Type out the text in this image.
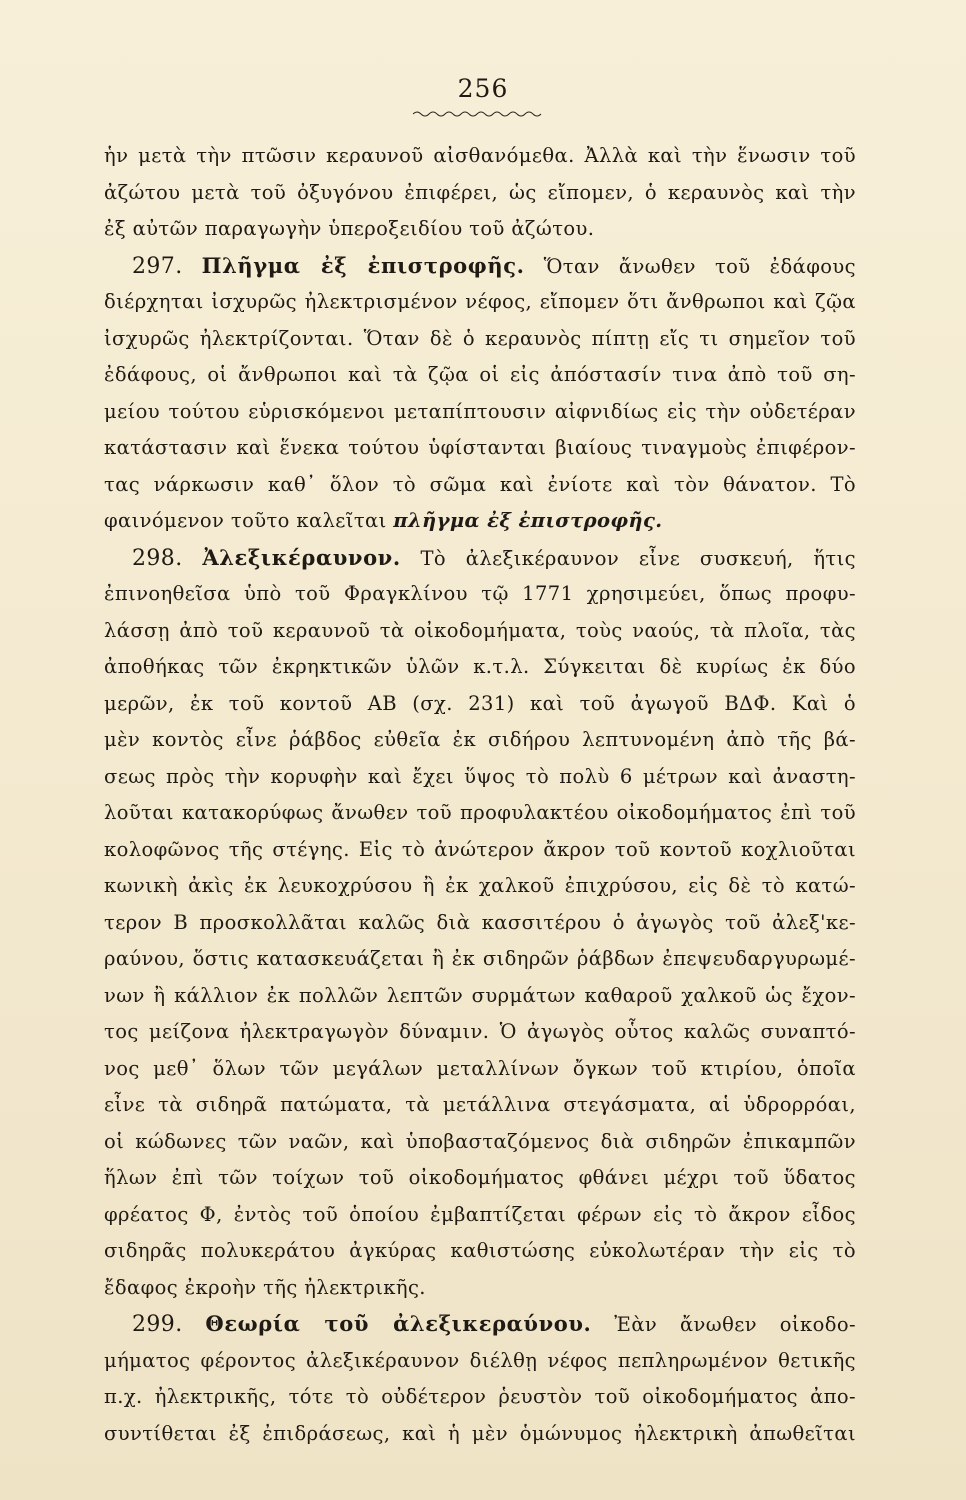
256
ἡν μετὰ τὴν πτῶσιν κεραυνοῦ αἰσθανόμεθα. Ἀλλὰ καὶ τὴν ἕνωσιν τοῦ
ἀζώτου μετὰ τοῦ ὀξυγόνου ἐπιφέρει, ὡς εἴπομεν, ὁ κεραυνὸς καὶ τὴν
ἐξ αὐτῶν παραγωγὴν ὑπεροξειδίου τοῦ ἀζώτου.
297. Πλῆγμα ἐξ ἐπιστροφῆς. Ὅταν ἄνωθεν τοῦ ἐδάφους
διέρχηται ἰσχυρῶς ἠλεκτρισμένον νέφος, εἴπομεν ὅτι ἄνθρωποι καὶ ζῷα
ἰσχυρῶς ἠλεκτρίζονται. Ὅταν δὲ ὁ κεραυνὸς πίπτῃ εἴς τι σημεῖον τοῦ
ἐδάφους, οἱ ἄνθρωποι καὶ τὰ ζῷα οἱ εἰς ἀπόστασίν τινα ἀπὸ τοῦ ση-
μείου τούτου εὑρισκόμενοι μεταπίπτουσιν αἰφνιδίως εἰς τὴν οὐδετέραν
κατάστασιν καὶ ἕνεκα τούτου ὑφίστανται βιαίους τιναγμοὺς ἐπιφέρον-
τας νάρκωσιν καθ᾽ ὅλον τὸ σῶμα καὶ ἐνίοτε καὶ τὸν θάνατον. Τὸ
φαινόμενον τοῦτο καλεῖται πλῆγμα ἐξ ἐπιστροφῆς.
298. Ἀλεξικέραυνον. Τὸ ἀλεξικέραυνον εἶνε συσκευή, ἥτις
ἐπινοηθεῖσα ὑπὸ τοῦ Φραγκλίνου τῷ 1771 χρησιμεύει, ὅπως προφυ-
λάσσῃ ἀπὸ τοῦ κεραυνοῦ τὰ οἰκοδομήματα, τοὺς ναούς, τὰ πλοῖα, τὰς
ἀποθήκας τῶν ἐκρηκτικῶν ὑλῶν κ.τ.λ. Σύγκειται δὲ κυρίως ἐκ δύο
μερῶν, ἐκ τοῦ κοντοῦ ΑΒ (σχ. 231) καὶ τοῦ ἀγωγοῦ ΒΔΦ. Καὶ ὁ
μὲν κοντὸς εἶνε ῥάβδος εὐθεῖα ἐκ σιδήρου λεπτυνομένη ἀπὸ τῆς βά-
σεως πρὸς τὴν κορυφὴν καὶ ἔχει ὕψος τὸ πολὺ 6 μέτρων καὶ ἀναστη-
λοῦται κατακορύφως ἄνωθεν τοῦ προφυλακτέου οἰκοδομήματος ἐπὶ τοῦ
κολοφῶνος τῆς στέγης. Εἰς τὸ ἀνώτερον ἄκρον τοῦ κοντοῦ κοχλιοῦται
κωνικὴ ἀκὶς ἐκ λευκοχρύσου ἢ ἐκ χαλκοῦ ἐπιχρύσου, εἰς δὲ τὸ κατώ-
τερον Β προσκολλᾶται καλῶς διὰ κασσιτέρου ὁ ἀγωγὸς τοῦ ἀλεξ'κε-
ραύνου, ὅστις κατασκευάζεται ἢ ἐκ σιδηρῶν ῥάβδων ἐπεψευδαργυρωμέ-
νων ἢ κάλλιον ἐκ πολλῶν λεπτῶν συρμάτων καθαροῦ χαλκοῦ ὡς ἔχον-
τος μείζονα ἠλεκτραγωγὸν δύναμιν. Ὁ ἀγωγὸς οὗτος καλῶς συναπτό-
νος μεθ᾽ ὅλων τῶν μεγάλων μεταλλίνων ὄγκων τοῦ κτιρίου, ὁποῖα
εἶνε τὰ σιδηρᾶ πατώματα, τὰ μετάλλινα στεγάσματα, αἱ ὑδρορρόαι,
οἱ κώδωνες τῶν ναῶν, καὶ ὑποβασταζόμενος διὰ σιδηρῶν ἐπικαμπῶν
ἥλων ἐπὶ τῶν τοίχων τοῦ οἰκοδομήματος φθάνει μέχρι τοῦ ὕδατος
φρέατος Φ, ἐντὸς τοῦ ὁποίου ἐμβαπτίζεται φέρων εἰς τὸ ἄκρον εἶδος
σιδηρᾶς πολυκεράτου ἀγκύρας καθιστώσης εὐκολωτέραν τὴν εἰς τὸ
ἔδαφος ἐκροὴν τῆς ἠλεκτρικῆς.
299. Θεωρία τοῦ ἀλεξικεραύνου. Ἐὰν ἄνωθεν οἰκοδο-
μήματος φέροντος ἀλεξικέραυνον διέλθῃ νέφος πεπληρωμένον θετικῆς
π.χ. ἠλεκτρικῆς, τότε τὸ οὐδέτερον ῥευστὸν τοῦ οἰκοδομήματος ἀπο-
συντίθεται ἐξ ἐπιδράσεως, καὶ ἡ μὲν ὁμώνυμος ἠλεκτρικὴ ἀπωθεῖται
